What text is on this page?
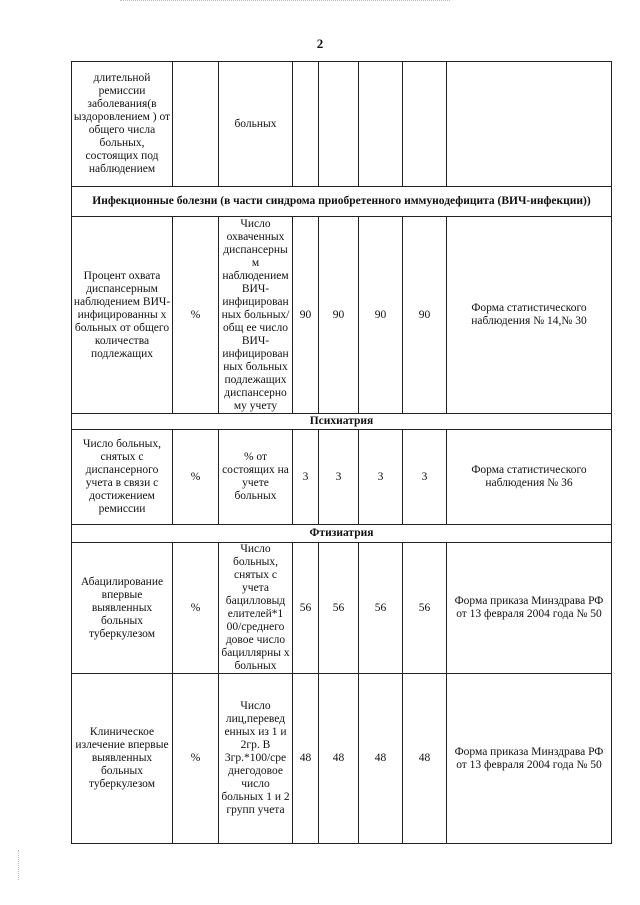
2
длительной ремиссии заболевания(в ыздоровлением ) от общего числа больных, состоящих под наблюдением		больных					
Инфекционные болезни (в части синдрома приобретенного иммунодефицита (ВИЧ-инфекции))							
Процент охвата диспансерным наблюдением ВИЧ-инфицированны х больных от общего количества подлежащих	%	Число охваченных диспансерны м наблюдением ВИЧ-инфицирован ных больных/общ ее число ВИЧ-инфицирован ных больных подлежащих диспансерно му учету	90	90	90	90	Форма статистического наблюдения № 14,№ 30
Психиатрия							
Число больных, снятых с диспансерного учета в связи с достижением ремиссии	%	% от состоящих на учете больных	3	3	3	3	Форма статистического наблюдения № 36
Фтизиатрия							
Абацилирование впервые выявленных больных туберкулезом	%	Число больных, снятых с учета бацилловыд елителей*1 00/среднего довое число бациллярны х больных	56	56	56	56	Форма приказа Минздрава РФ от 13 февраля 2004 года № 50
Клиническое излечение впервые выявленных больных туберкулезом	%	Число лиц,перевед енных из 1 и 2гр. В 3гр.*100/сре днегодовое число больных 1 и 2 групп учета	48	48	48	48	Форма приказа Минздрава РФ от 13 февраля 2004 года № 50
